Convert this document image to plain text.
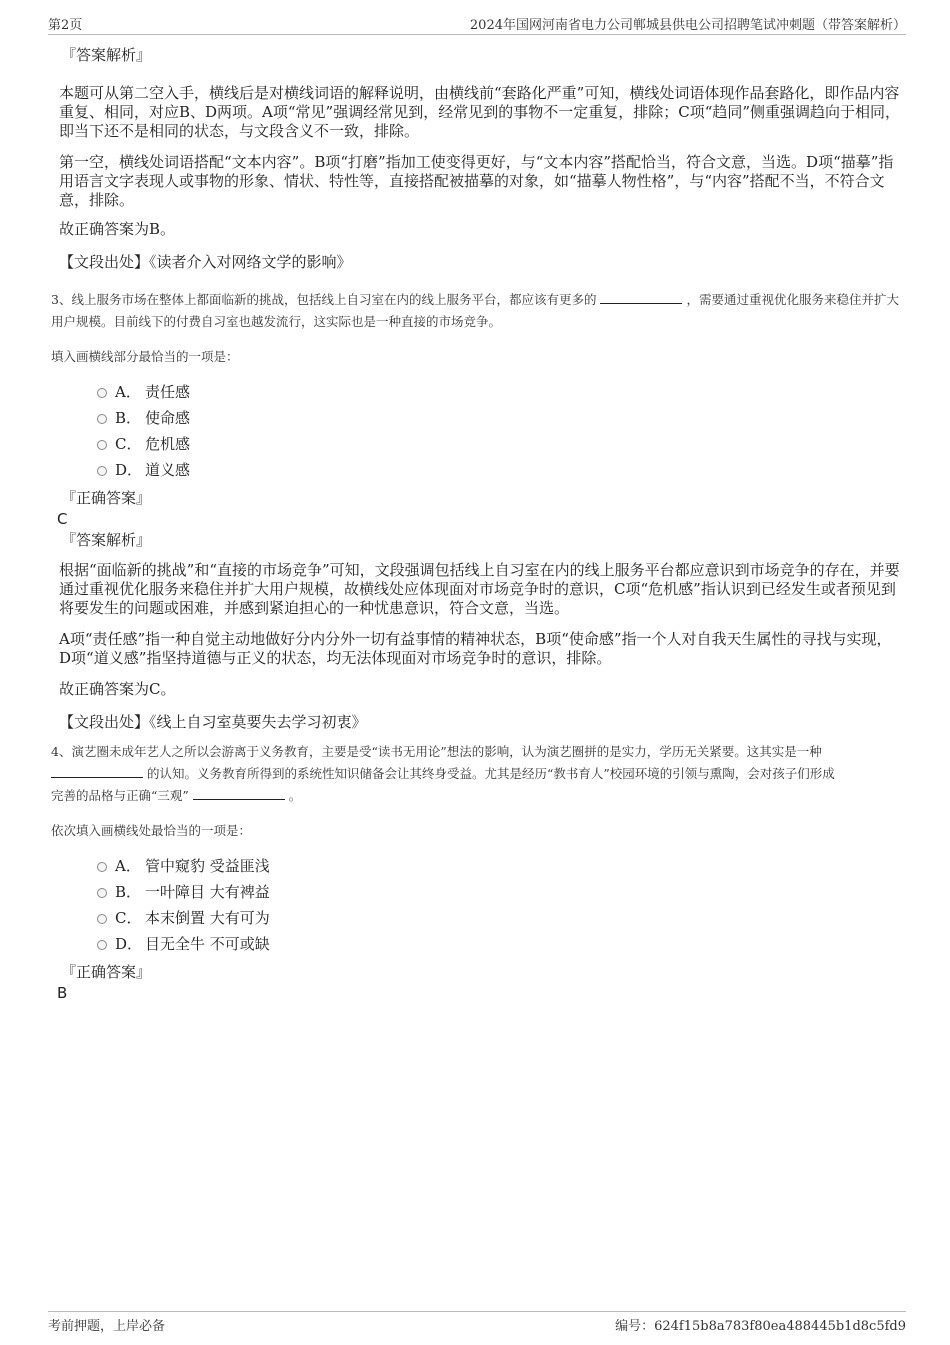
第2页	2024年国网河南省电力公司郸城县供电公司招聘笔试冲刺题（带答案解析）
『答案解析』

本题可从第二空入手，横线后是对横线词语的解释说明，由横线前“套路化严重”可知，横线处词语体现作品套路化，即作品内容重复、相同，对应B、D两项。A项“常见”强调经常见到，经常见到的事物不一定重复，排除；C项“趋同”侧重强调趋向于相同，即当下还不是相同的状态，与文段含义不一致，排除。

第一空，横线处词语搭配“文本内容”。B项“打磨”指加工使变得更好，与“文本内容”搭配恰当，符合文意，当选。D项“描摹”指用语言文字表现人或事物的形象、情状、特性等，直接搭配被描摹的对象，如“描摹人物性格”，与“内容”搭配不当，不符合文意，排除。

故正确答案为B。

【文段出处】《读者介入对网络文学的影响》
3、线上服务市场在整体上都面临新的挑战，包括线上自习室在内的线上服务平台，都应该有更多的	，需要通过重视优化服务来稳住并扩大用户规模。目前线下的付费自习室也越发流行，这实际也是一种直接的市场竞争。
填入画横线部分最恰当的一项是：
A． 责任感
B． 使命感
C． 危机感
D． 道义感
『正确答案』
C
『答案解析』

根据“面临新的挑战”和“直接的市场竞争”可知，文段强调包括线上自习室在内的线上服务平台都应意识到市场竞争的存在，并要通过重视优化服务来稳住并扩大用户规模，故横线处应体现面对市场竞争时的意识，C项“危机感”指认识到已经发生或者预见到将要发生的问题或困难，并感到紧迫担心的一种忧患意识，符合文意，当选。

A项“责任感”指一种自觉主动地做好分内分外一切有益事情的精神状态，B项“使命感”指一个人对自我天生属性的寻找与实现，D项“道义感”指坚持道德与正义的状态，均无法体现面对市场竞争时的意识，排除。

故正确答案为C。

【文段出处】《线上自习室莫要失去学习初衷》
4、演艺圈未成年艺人之所以会游离于义务教育，主要是受“读书无用论”想法的影响，认为演艺圈拼的是实力，学历无关紧要。这其实是一种
的认知。义务教育所得到的系统性知识储备会让其终身受益。尤其是经历“教书育人”校园环境的引领与熏陶，会对孩子们形成
完善的品格与正确“三观”	。
依次填入画横线处最恰当的一项是：
A． 管中窥豹 受益匪浅
B． 一叶障目 大有裨益
C． 本末倒置 大有可为
D． 目无全牛 不可或缺
『正确答案』
B
考前押题，上岸必备	编号：624f15b8a783f80ea488445b1d8c5fd9
